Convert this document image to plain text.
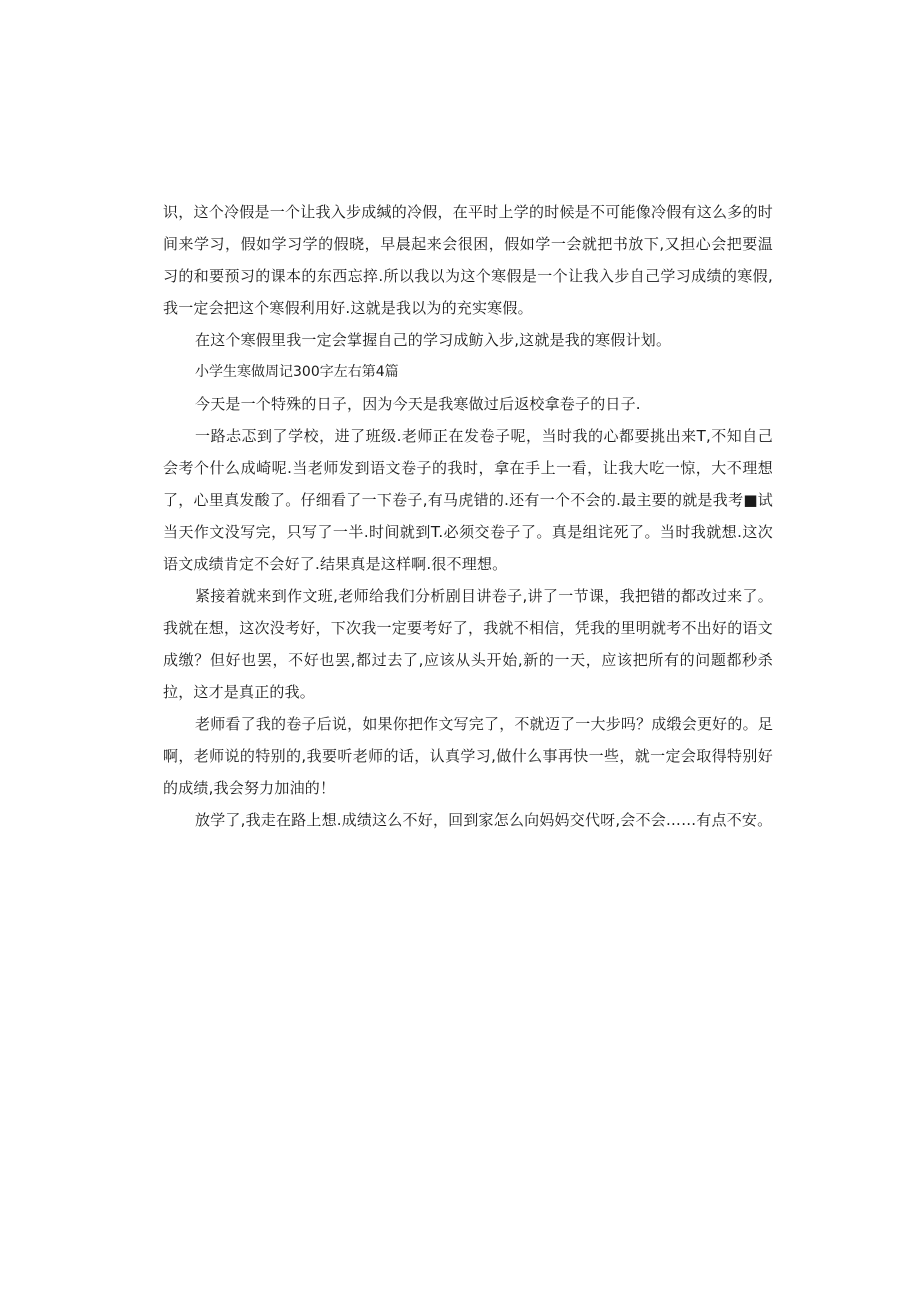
识，这个冷假是一个让我入步成缄的冷假，在平时上学的时候是不可能像冷假有这么多的时间来学习，假如学习学的假晓，早晨起来会很困，假如学一会就把书放下,又担心会把要温习的和要预习的课本的东西忘捽.所以我以为这个寒假是一个让我入步自己学习成绩的寒假,我一定会把这个寒假利用好.这就是我以为的充实寒假。

在这个寒假里我一定会掌握自己的学习成鲂入步,这就是我的寒假计划。

小学生寒做周记300字左右第4篇

今天是一个特殊的日子，因为今天是我寒做过后返校拿卷子的日子.

一路忐忑到了学校，进了班级.老师正在发卷子呢，当时我的心都要挑出来T,不知自己会考个什么成崎呢.当老师发到语文卷子的我时，拿在手上一看，让我大吃一惊，大不理想了，心里真发酸了。仔细看了一下卷子,有马虎错的.还有一个不会的.最主要的就是我考■试当天作文没写完，只写了一半.时间就到T.必须交卷子了。真是组诧死了。当时我就想.这次语文成绩肯定不会好了.结果真是这样啊.很不理想。

紧接着就来到作文班,老师给我们分析剧目讲卷子,讲了一节课，我把错的都改过来了。我就在想，这次没考好，下次我一定要考好了，我就不相信，凭我的里明就考不出好的语文成缴？但好也罢，不好也罢,都过去了,应该从头开始,新的一天，应该把所有的问题都秒杀拉，这才是真正的我。

老师看了我的卷子后说，如果你把作文写完了，不就迈了一大步吗？成缎会更好的。足啊，老师说的特别的,我要听老师的话，认真学习,做什么事再快一些，就一定会取得特别好的成绩,我会努力加油的！

放学了,我走在路上想.成绩这么不好，回到家怎么向妈妈交代呀,会不会……有点不安。
